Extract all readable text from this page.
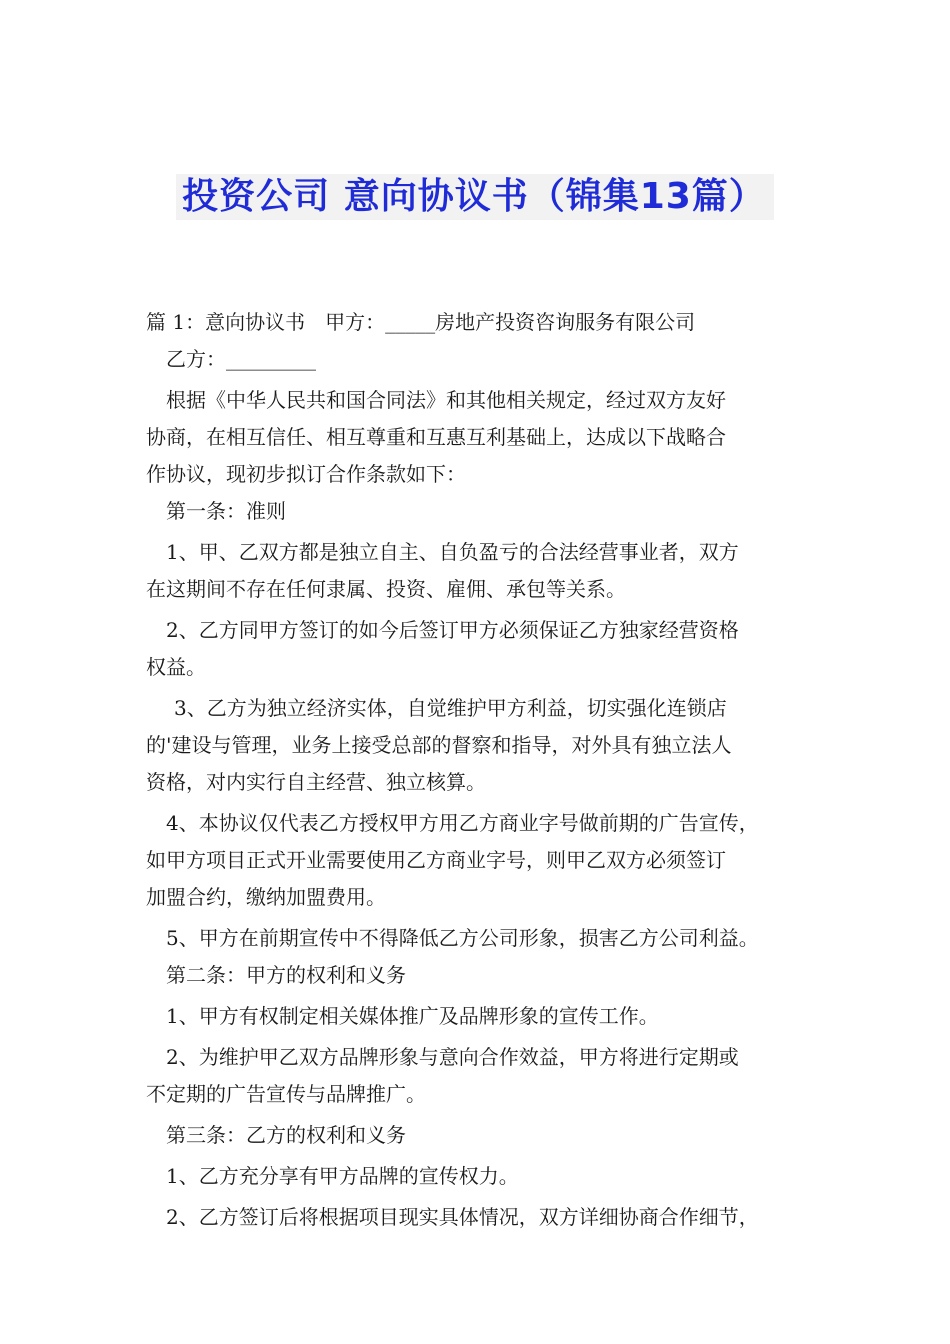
投资公司 意向协议书（锦集13篇）
篇 1：意向协议书　甲方：_____房地产投资咨询服务有限公司
乙方：_________
根据《中华人民共和国合同法》和其他相关规定，经过双方友好
协商，在相互信任、相互尊重和互惠互利基础上，达成以下战略合
作协议，现初步拟订合作条款如下：
第一条：准则
1、甲、乙双方都是独立自主、自负盈亏的合法经营事业者，双方
在这期间不存在任何隶属、投资、雇佣、承包等关系。
2、乙方同甲方签订的如今后签订甲方必须保证乙方独家经营资格
权益。
3、乙方为独立经济实体，自觉维护甲方利益，切实强化连锁店
的'建设与管理，业务上接受总部的督察和指导，对外具有独立法人
资格，对内实行自主经营、独立核算。
4、本协议仅代表乙方授权甲方用乙方商业字号做前期的广告宣传，
如甲方项目正式开业需要使用乙方商业字号，则甲乙双方必须签订
加盟合约，缴纳加盟费用。
5、甲方在前期宣传中不得降低乙方公司形象，损害乙方公司利益。
第二条：甲方的权利和义务
1、甲方有权制定相关媒体推广及品牌形象的宣传工作。
2、为维护甲乙双方品牌形象与意向合作效益，甲方将进行定期或
不定期的广告宣传与品牌推广。
第三条：乙方的权利和义务
1、乙方充分享有甲方品牌的宣传权力。
2、乙方签订后将根据项目现实具体情况，双方详细协商合作细节，
